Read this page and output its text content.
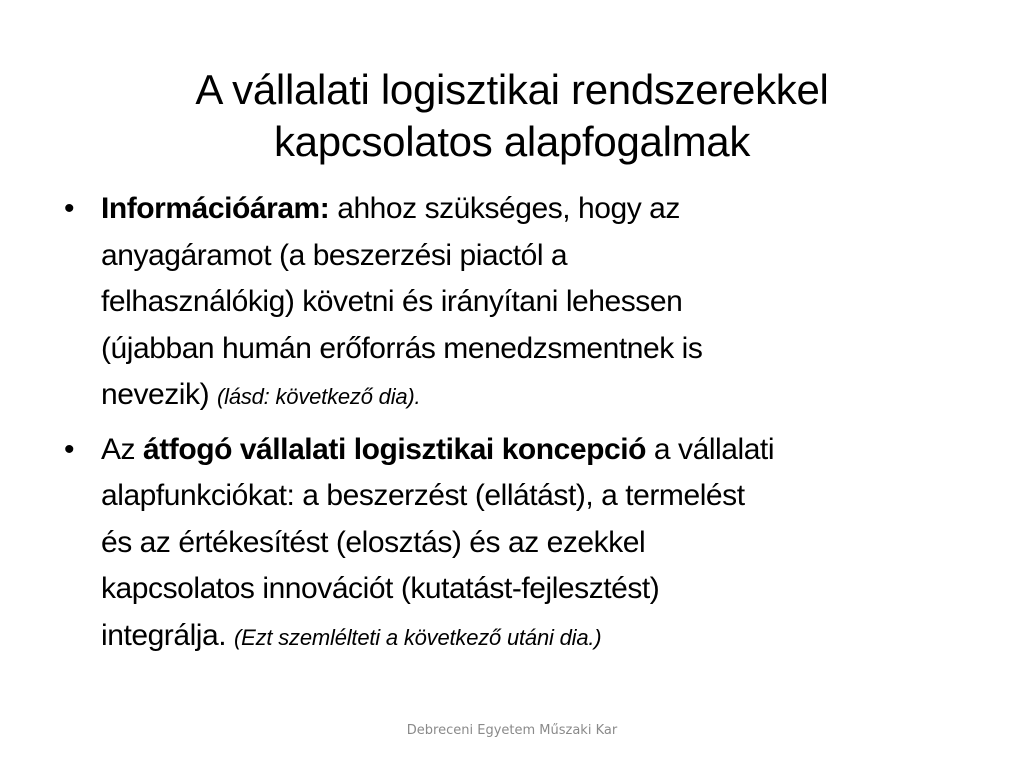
A vállalati logisztikai rendszerekkel
kapcsolatos alapfogalmak
• Információáram: ahhoz szükséges, hogy az
anyagáramot (a beszerzési piactól a
felhasználókig) követni és irányítani lehessen
(újabban humán erőforrás menedzsmentnek is
nevezik) (lásd: következő dia).
• Az átfogó vállalati logisztikai koncepció a vállalati
alapfunkciókat: a beszerzést (ellátást), a termelést
és az értékesítést (elosztás) és az ezekkel
kapcsolatos innovációt (kutatást-fejlesztést)
integrálja. (Ezt szemlélteti a következő utáni dia.)
Debreceni Egyetem Műszaki Kar
